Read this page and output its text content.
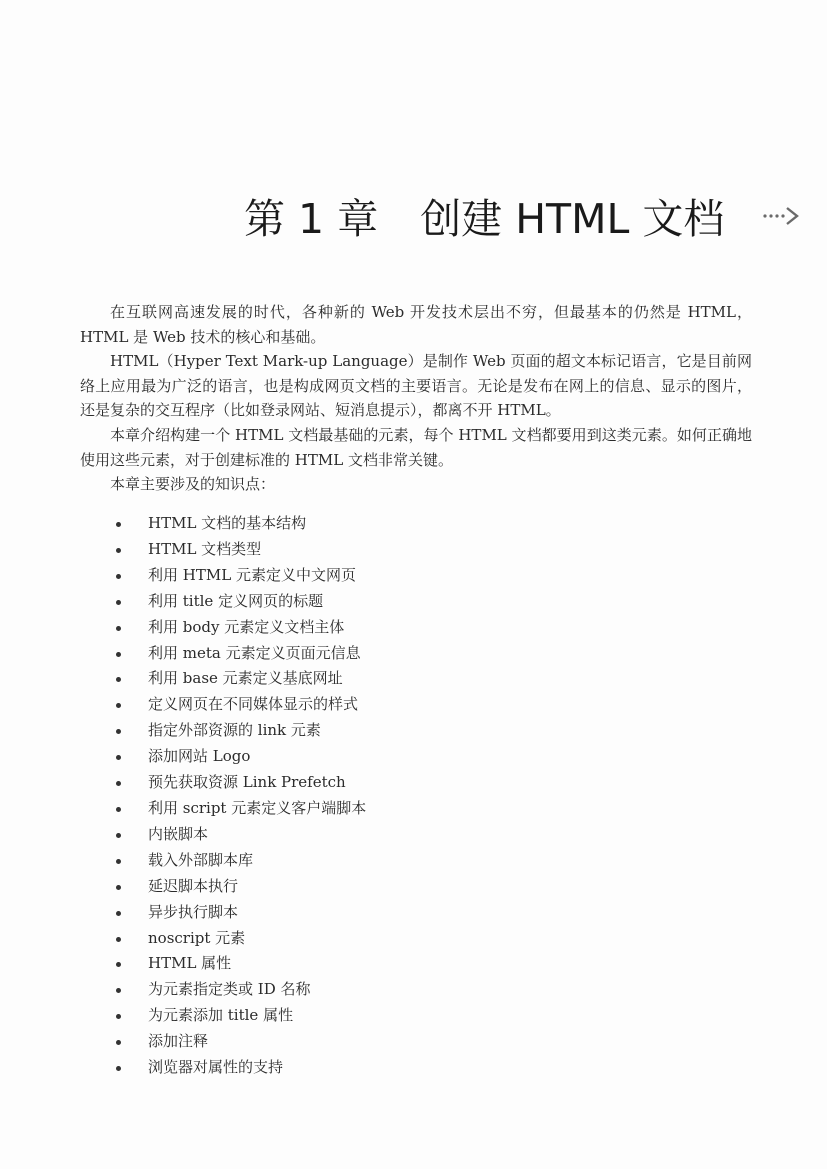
第 1 章 创建 HTML 文档

在互联网高速发展的时代，各种新的 Web 开发技术层出不穷，但最基本的仍然是 HTML，HTML 是 Web 技术的核心和基础。

HTML（Hyper Text Mark-up Language）是制作 Web 页面的超文本标记语言，它是目前网络上应用最为广泛的语言，也是构成网页文档的主要语言。无论是发布在网上的信息、显示的图片，还是复杂的交互程序（比如登录网站、短消息提示），都离不开 HTML。

本章介绍构建一个 HTML 文档最基础的元素，每个 HTML 文档都要用到这类元素。如何正确地使用这些元素，对于创建标准的 HTML 文档非常关键。

本章主要涉及的知识点：

HTML 文档的基本结构
HTML 文档类型
利用 HTML 元素定义中文网页
利用 title 定义网页的标题
利用 body 元素定义文档主体
利用 meta 元素定义页面元信息
利用 base 元素定义基底网址
定义网页在不同媒体显示的样式
指定外部资源的 link 元素
添加网站 Logo
预先获取资源 Link Prefetch
利用 script 元素定义客户端脚本
内嵌脚本
载入外部脚本库
延迟脚本执行
异步执行脚本
noscript 元素
HTML 属性
为元素指定类或 ID 名称
为元素添加 title 属性
添加注释
浏览器对属性的支持
